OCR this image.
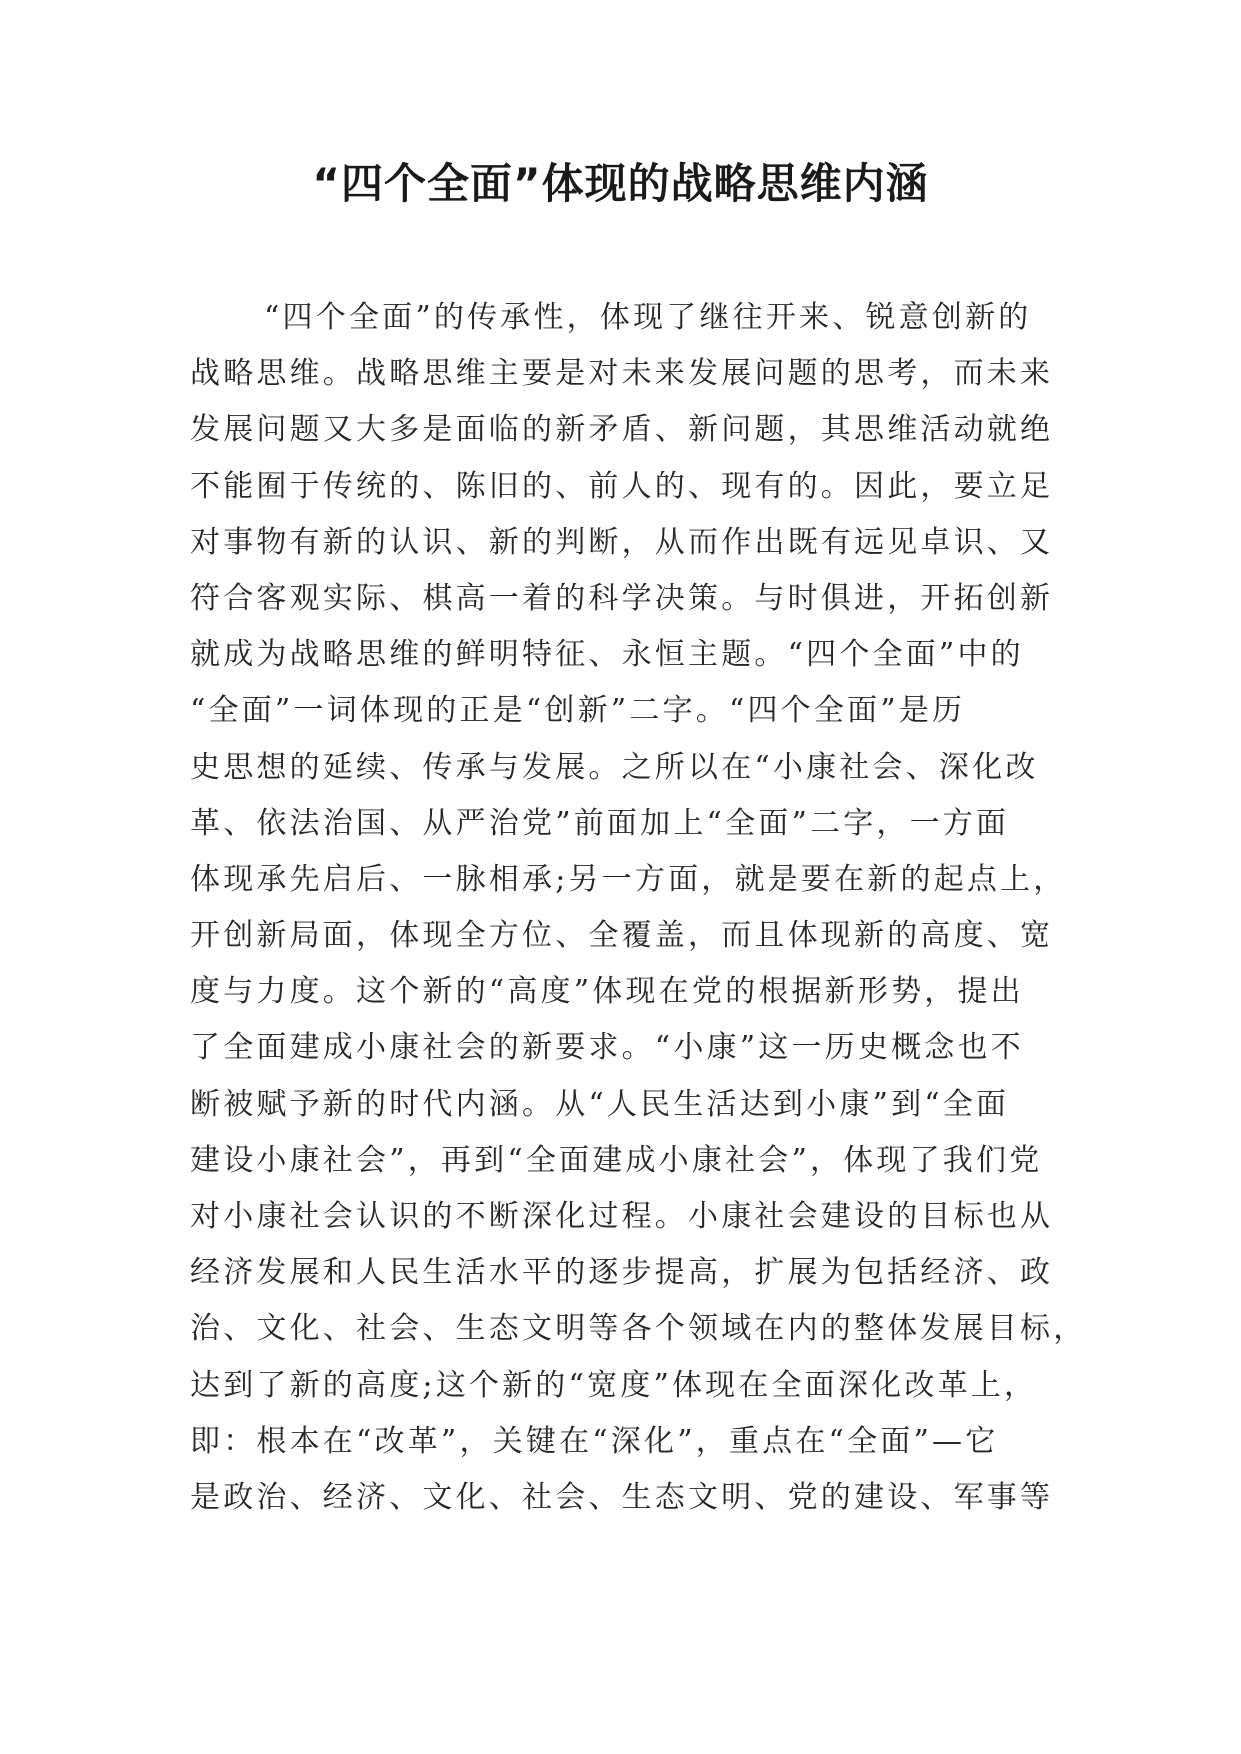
“四个全面”体现的战略思维内涵
“四个全面”的传承性，体现了继往开来、锐意创新的
战略思维。战略思维主要是对未来发展问题的思考，而未来
发展问题又大多是面临的新矛盾、新问题，其思维活动就绝
不能囿于传统的、陈旧的、前人的、现有的。因此，要立足
对事物有新的认识、新的判断，从而作出既有远见卓识、又
符合客观实际、棋高一着的科学决策。与时俱进，开拓创新
就成为战略思维的鲜明特征、永恒主题。“四个全面”中的
“全面”一词体现的正是“创新”二字。“四个全面”是历
史思想的延续、传承与发展。之所以在“小康社会、深化改
革、依法治国、从严治党”前面加上“全面”二字，一方面
体现承先启后、一脉相承;另一方面，就是要在新的起点上，
开创新局面，体现全方位、全覆盖，而且体现新的高度、宽
度与力度。这个新的“高度”体现在党的根据新形势，提出
了全面建成小康社会的新要求。“小康”这一历史概念也不
断被赋予新的时代内涵。从“人民生活达到小康”到“全面
建设小康社会”，再到“全面建成小康社会”，体现了我们党
对小康社会认识的不断深化过程。小康社会建设的目标也从
经济发展和人民生活水平的逐步提高，扩展为包括经济、政
治、文化、社会、生态文明等各个领域在内的整体发展目标，
达到了新的高度;这个新的“宽度”体现在全面深化改革上，
即：根本在“改革”，关键在“深化”，重点在“全面”—它
是政治、经济、文化、社会、生态文明、党的建设、军事等
